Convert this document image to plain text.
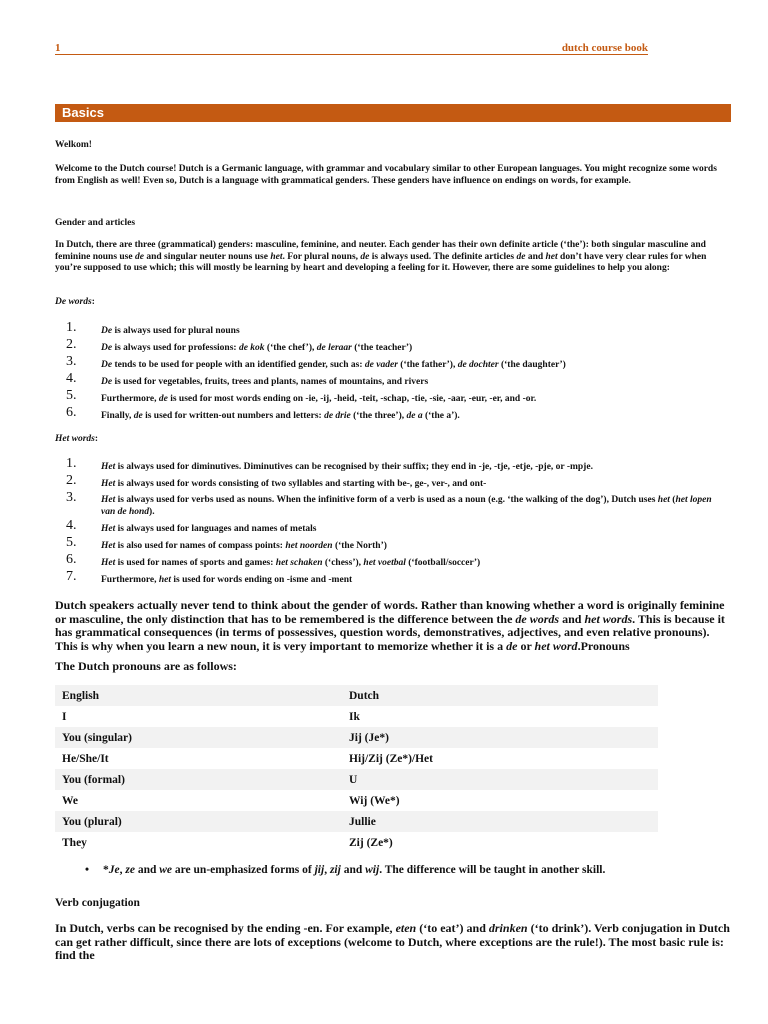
1	dutch course book
Basics
Welkom!
Welcome to the Dutch course! Dutch is a Germanic language, with grammar and vocabulary similar to other European languages. You might recognize some words from English as well! Even so, Dutch is a language with grammatical genders. These genders have influence on endings on words, for example.
Gender and articles
In Dutch, there are three (grammatical) genders: masculine, feminine, and neuter. Each gender has their own definite article (‘the’): both singular masculine and feminine nouns use de and singular neuter nouns use het. For plural nouns, de is always used. The definite articles de and het don’t have very clear rules for when you’re supposed to use which; this will mostly be learning by heart and developing a feeling for it. However, there are some guidelines to help you along:
De words:
1.	De is always used for plural nouns
2.	De is always used for professions: de kok (‘the chef’), de leraar (‘the teacher’)
3.	De tends to be used for people with an identified gender, such as: de vader (‘the father’), de dochter (‘the daughter’)
4.	De is used for vegetables, fruits, trees and plants, names of mountains, and rivers
5.	Furthermore, de is used for most words ending on -ie, -ij, -heid, -teit, -schap, -tie, -sie, -aar, -eur, -er, and -or.
6.	Finally, de is used for written-out numbers and letters: de drie (‘the three’), de a (‘the a’).
Het words:
1.	Het is always used for diminutives. Diminutives can be recognised by their suffix; they end in -je, -tje, -etje, -pje, or -mpje.
2.	Het is always used for words consisting of two syllables and starting with be-, ge-, ver-, and ont-
3.	Het is always used for verbs used as nouns. When the infinitive form of a verb is used as a noun (e.g. ‘the walking of the dog’), Dutch uses het (het lopen van de hond).
4.	Het is always used for languages and names of metals
5.	Het is also used for names of compass points: het noorden (‘the North’)
6.	Het is used for names of sports and games: het schaken (‘chess’), het voetbal (‘football/soccer’)
7.	Furthermore, het is used for words ending on -isme and -ment
Dutch speakers actually never tend to think about the gender of words. Rather than knowing whether a word is originally feminine or masculine, the only distinction that has to be remembered is the difference between the de words and het words. This is because it has grammatical consequences (in terms of possessives, question words, demonstratives, adjectives, and even relative pronouns). This is why when you learn a new noun, it is very important to memorize whether it is a de or het word.Pronouns
The Dutch pronouns are as follows:
English	Dutch
I	Ik
You (singular)	Jij (Je*)
He/She/It	Hij/Zij (Ze*)/Het
You (formal)	U
We	Wij (We*)
You (plural)	Jullie
They	Zij (Ze*)
• *Je, ze and we are un-emphasized forms of jij, zij and wij. The difference will be taught in another skill.
Verb conjugation
In Dutch, verbs can be recognised by the ending -en. For example, eten (‘to eat’) and drinken (‘to drink’). Verb conjugation in Dutch can get rather difficult, since there are lots of exceptions (welcome to Dutch, where exceptions are the rule!). The most basic rule is: find the
